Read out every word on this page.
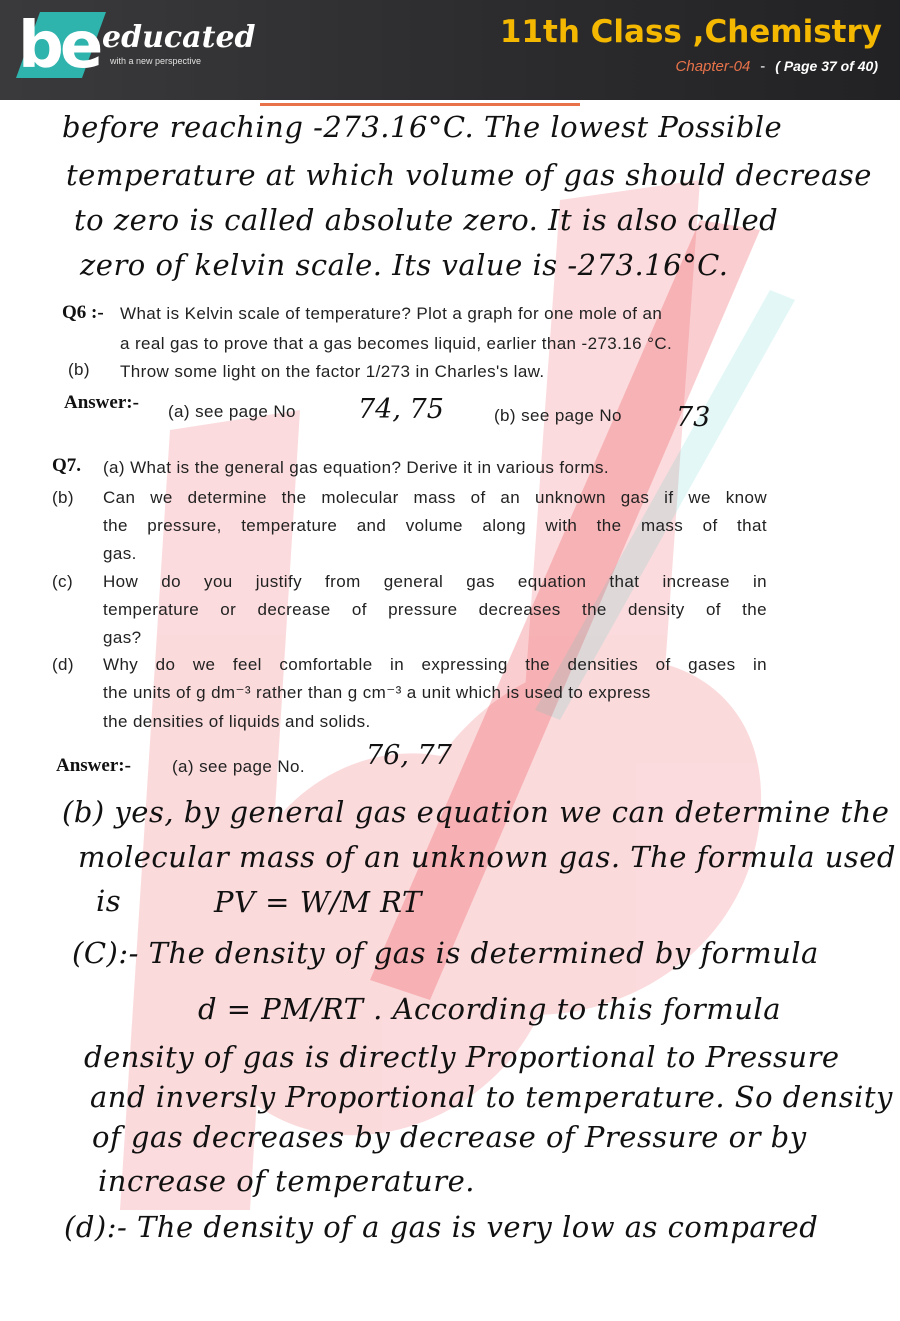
be educated
with a new perspective
11th Class ,Chemistry
Chapter-04 - ( Page 37 of 40)
before reaching -273.16°C. The lowest Possible
temperature at which volume of gas should decrease
to zero is called absolute zero. It is also called
zero of kelvin scale. Its value is -273.16°C.
Q6 :- What is Kelvin scale of temperature? Plot a graph for one mole of an
a real gas to prove that a gas becomes liquid, earlier than -273.16 °C.
(b) Throw some light on the factor 1/273 in Charles's law.
Answer:- (a) see page No 74, 75	(b) see page No 73
Q7. (a) What is the general gas equation? Derive it in various forms.
(b) Can we determine the molecular mass of an unknown gas if we know
the pressure, temperature and volume along with the mass of that
gas.
(c) How do you justify from general gas equation that increase in
temperature or decrease of pressure decreases the density of the
gas?
(d) Why do we feel comfortable in expressing the densities of gases in
the units of g dm⁻³ rather than g cm⁻³ a unit which is used to express
the densities of liquids and solids.
Answer:- (a) see page No. 76, 77
(b) yes, by general gas equation we can determine the
molecular mass of an unknown gas. The formula used
is	PV = W/M RT
(C):- The density of gas is determined by formula
d = PM/RT . According to this formula
density of gas is directly Proportional to Pressure
and inversly Proportional to temperature. So density
of gas decreases by decrease of Pressure or by
increase of temperature.
(d):- The density of a gas is very low as compared
